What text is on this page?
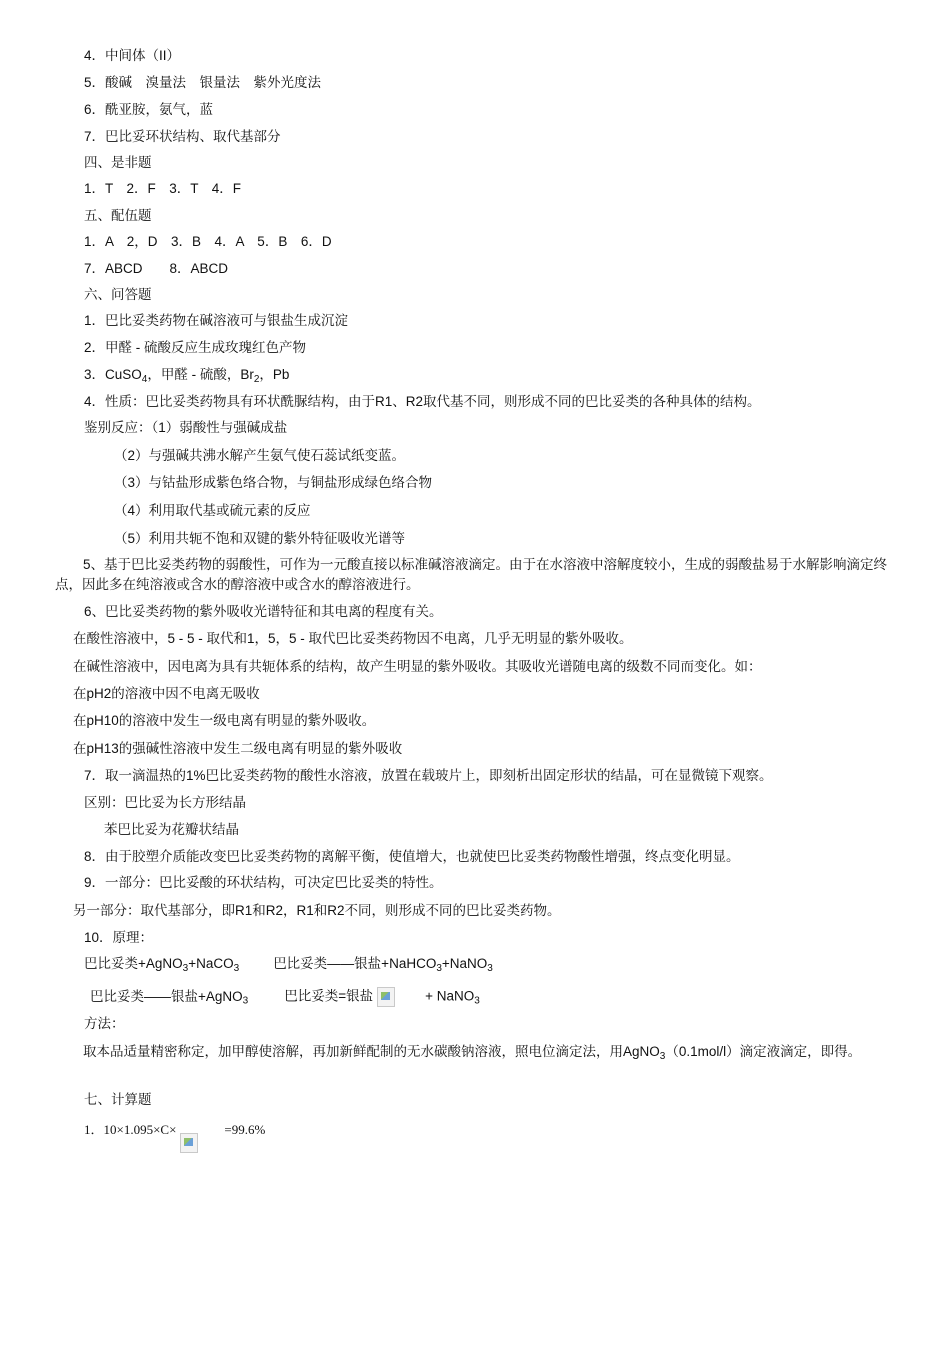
4．中间体（II）
5．酸碱　溴量法　银量法　紫外光度法
6．酰亚胺，氨气，蓝
7．巴比妥环状结构、取代基部分
四、是非题
1．T　2．F　3．T　4．F
五、配伍题
1．A　2，D　3．B　4．A　5．B　6．D
7．ABCD　　8．ABCD
六、问答题
1．巴比妥类药物在碱溶液可与银盐生成沉淀
2．甲醛 - 硫酸反应生成玫瑰红色产物
3．CuSO$_4$，甲醛 - 硫酸，$Br_2$，Pb
4．性质：巴比妥类药物具有环状酰脲结构，由于R1、R2取代基不同，则形成不同的巴比妥类的各种具体的结构。
鉴别反应：（1）弱酸性与强碱成盐
（2）与强碱共沸水解产生氨气使石蕊试纸变蓝。
（3）与钴盐形成紫色络合物，与铜盐形成绿色络合物
（4）利用取代基或硫元素的反应
（5）利用共轭不饱和双键的紫外特征吸收光谱等
5、基于巴比妥类药物的弱酸性，可作为一元酸直接以标准碱溶液滴定。由于在水溶液中溶解度较小，生成的弱酸盐易于水解影响滴定终点，因此多在纯溶液或含水的醇溶液中或含水的醇溶液进行。
6、巴比妥类药物的紫外吸收光谱特征和其电离的程度有关。
在酸性溶液中，5 - 5 - 取代和1，5，5 - 取代巴比妥类药物因不电离，几乎无明显的紫外吸收。
在碱性溶液中，因电离为具有共轭体系的结构，故产生明显的紫外吸收。其吸收光谱随电离的级数不同而变化。如：
在pH2的溶液中因不电离无吸收
在pH10的溶液中发生一级电离有明显的紫外吸收。
在pH13的强碱性溶液中发生二级电离有明显的紫外吸收
7．取一滴温热的1%巴比妥类药物的酸性水溶液，放置在载玻片上，即刻析出固定形状的结晶，可在显微镜下观察。
区别：巴比妥为长方形结晶
苯巴比妥为花瓣状结晶
8．由于胶塑介质能改变巴比妥类药物的离解平衡，使值增大，也就使巴比妥类药物酸性增强，终点变化明显。
9．一部分：巴比妥酸的环状结构，可决定巴比妥类的特性。
另一部分：取代基部分，即R1和R2，R1和R2不同，则形成不同的巴比妥类药物。
10．原理：
巴比妥类+AgNO$_3$+NaCO$_3$	巴比妥类——银盐+NaHCO$_3$+NaNO$_3$
巴比妥类——银盐+AgNO$_3$	巴比妥类=银盐	+ NaNO$_3$
方法：
取本品适量精密称定，加甲醇使溶解，再加新鲜配制的无水碳酸钠溶液，照电位滴定法，用AgNO$_3$（0.1mol/l）滴定液滴定，即得。
七、计算题
1．10×1.095×C×	=99.6%
